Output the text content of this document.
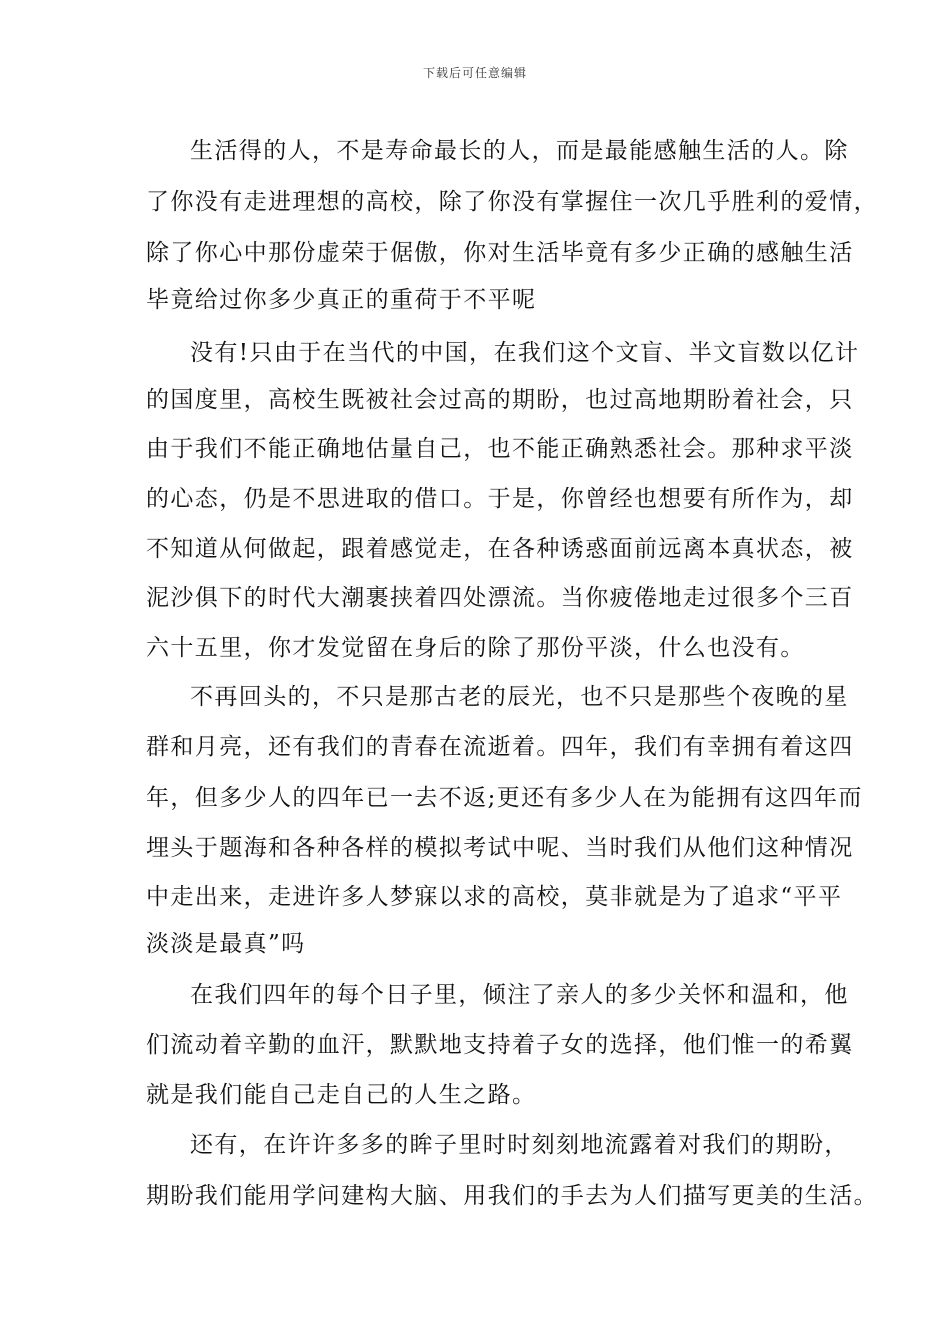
下载后可任意编辑
生活得的人，不是寿命最长的人，而是最能感触生活的人。除
了你没有走进理想的高校，除了你没有掌握住一次几乎胜利的爱情，
除了你心中那份虚荣于倨傲，你对生活毕竟有多少正确的感触生活
毕竟给过你多少真正的重荷于不平呢
没有!只由于在当代的中国，在我们这个文盲、半文盲数以亿计
的国度里，高校生既被社会过高的期盼，也过高地期盼着社会，只
由于我们不能正确地估量自己，也不能正确熟悉社会。那种求平淡
的心态，仍是不思进取的借口。于是，你曾经也想要有所作为，却
不知道从何做起，跟着感觉走，在各种诱惑面前远离本真状态，被
泥沙俱下的时代大潮裹挟着四处漂流。当你疲倦地走过很多个三百
六十五里，你才发觉留在身后的除了那份平淡，什么也没有。
不再回头的，不只是那古老的辰光，也不只是那些个夜晚的星
群和月亮，还有我们的青春在流逝着。四年，我们有幸拥有着这四
年，但多少人的四年已一去不返;更还有多少人在为能拥有这四年而
埋头于题海和各种各样的模拟考试中呢、当时我们从他们这种情况
中走出来，走进许多人梦寐以求的高校，莫非就是为了追求“平平
淡淡是最真”吗
在我们四年的每个日子里，倾注了亲人的多少关怀和温和，他
们流动着辛勤的血汗，默默地支持着子女的选择，他们惟一的希翼
就是我们能自己走自己的人生之路。
还有，在许许多多的眸子里时时刻刻地流露着对我们的期盼，
期盼我们能用学问建构大脑、用我们的手去为人们描写更美的生活。
